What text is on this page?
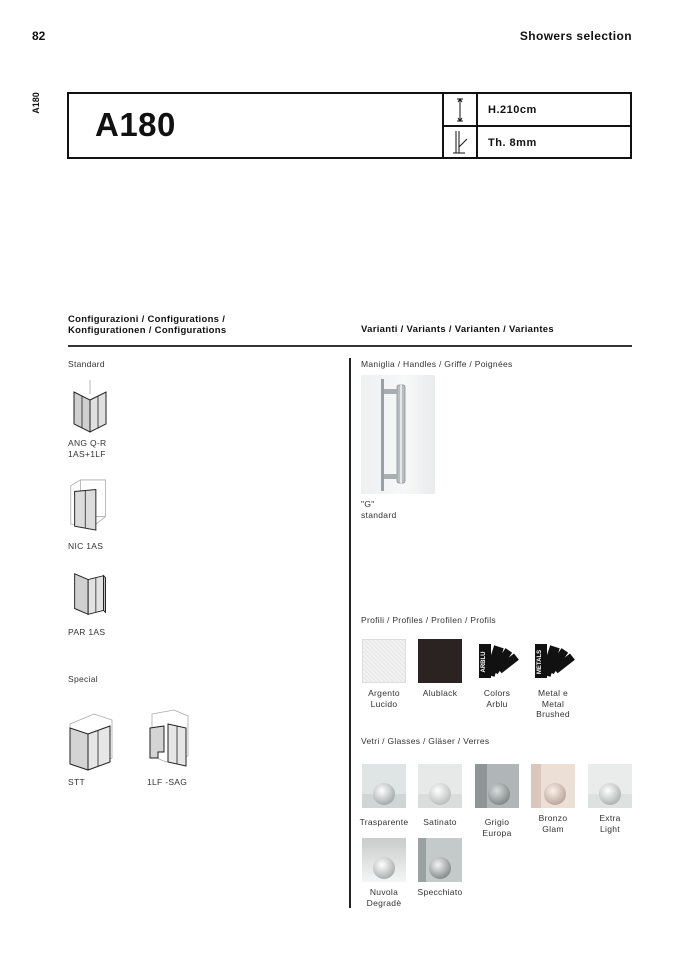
82	Showers selection
A180
A180	H.210cm
Th. 8mm
Configurazioni / Configurations /
Konfigurationen / Configurations	Varianti / Variants / Varianten / Variantes
Standard
ANG Q-R
1AS+1LF
NIC 1AS
PAR 1AS
Special
STT	1LF -SAG
Maniglia / Handles / Griffe / Poignées
"G"
standard
Profili / Profiles / Profilen / Profils
ARBLU	METALS
Argento
Lucido
Alublack	Colors
Arblu
Metal e
Metal
Brushed
Vetri / Glasses / Gläser / Verres
Trasparente	Satinato	Grigio
Europa
Bronzo
Glam
Extra
Light
Nuvola
Degradè
Specchiato
